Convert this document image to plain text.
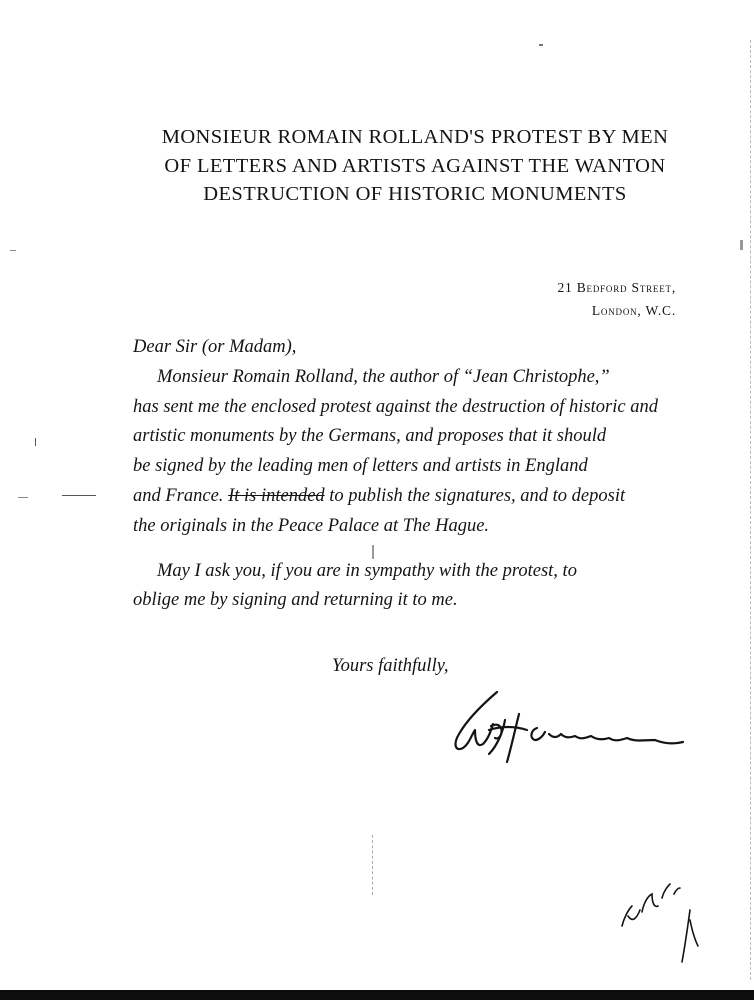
MONSIEUR ROMAIN ROLLAND'S PROTEST BY MEN
OF LETTERS AND ARTISTS AGAINST THE WANTON
DESTRUCTION OF HISTORIC MONUMENTS
21 Bedford Street,
London, W.C.
Dear Sir (or Madam),
Monsieur Romain Rolland, the author of “Jean Christophe,”
has sent me the enclosed protest against the destruction of historic and
artistic monuments by the Germans, and proposes that it should
be signed by the leading men of letters and artists in England
and France. It is intended to publish the signatures, and to deposit
the originals in the Peace Palace at The Hague.
May I ask you, if you are in sympathy with the protest, to
oblige me by signing and returning it to me.
Yours faithfully,
